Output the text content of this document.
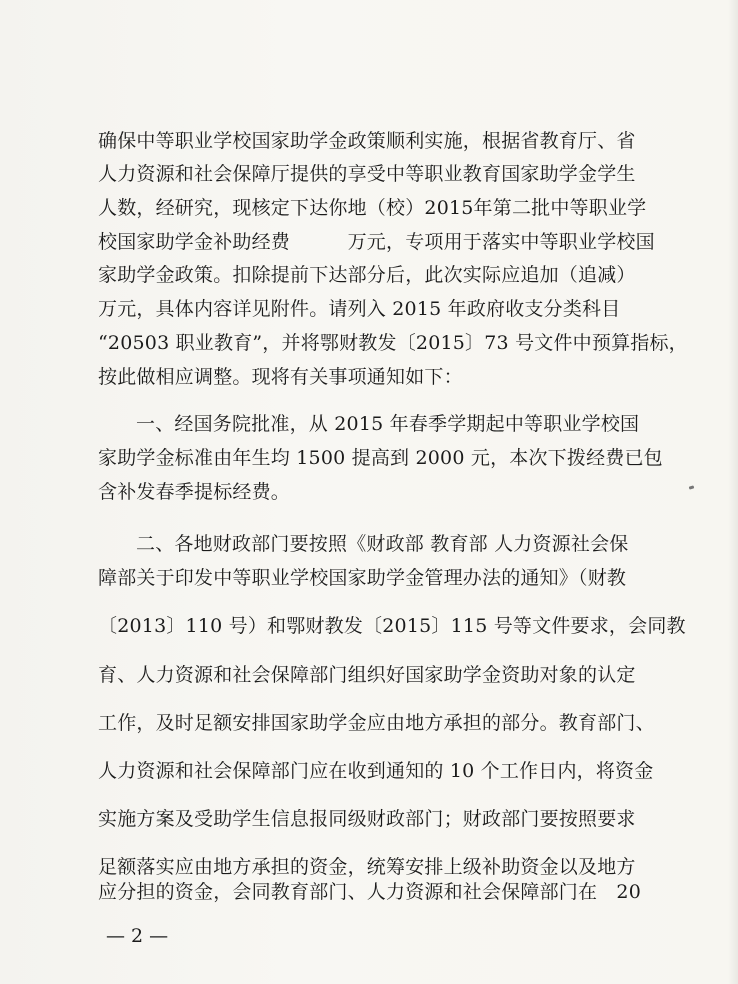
确保中等职业学校国家助学金政策顺利实施，根据省教育厅、省
人力资源和社会保障厅提供的享受中等职业教育国家助学金学生
人数，经研究，现核定下达你地（校）2015年第二批中等职业学
校国家助学金补助经费　　　万元，专项用于落实中等职业学校国
家助学金政策。扣除提前下达部分后，此次实际应追加（追减）
万元，具体内容详见附件。请列入 2015 年政府收支分类科目
“20503 职业教育”，并将鄂财教发〔2015〕73 号文件中预算指标，
按此做相应调整。现将有关事项通知如下：
一、经国务院批准，从 2015 年春季学期起中等职业学校国
家助学金标准由年生均 1500 提高到 2000 元，本次下拨经费已包
含补发春季提标经费。
二、各地财政部门要按照《财政部 教育部 人力资源社会保
障部关于印发中等职业学校国家助学金管理办法的通知》（财教
〔2013〕110 号）和鄂财教发〔2015〕115 号等文件要求，会同教
育、人力资源和社会保障部门组织好国家助学金资助对象的认定
工作，及时足额安排国家助学金应由地方承担的部分。教育部门、
人力资源和社会保障部门应在收到通知的 10 个工作日内，将资金
实施方案及受助学生信息报同级财政部门；财政部门要按照要求
足额落实应由地方承担的资金，统筹安排上级补助资金以及地方
应分担的资金，会同教育部门、人力资源和社会保障部门在　20
— 2 —
